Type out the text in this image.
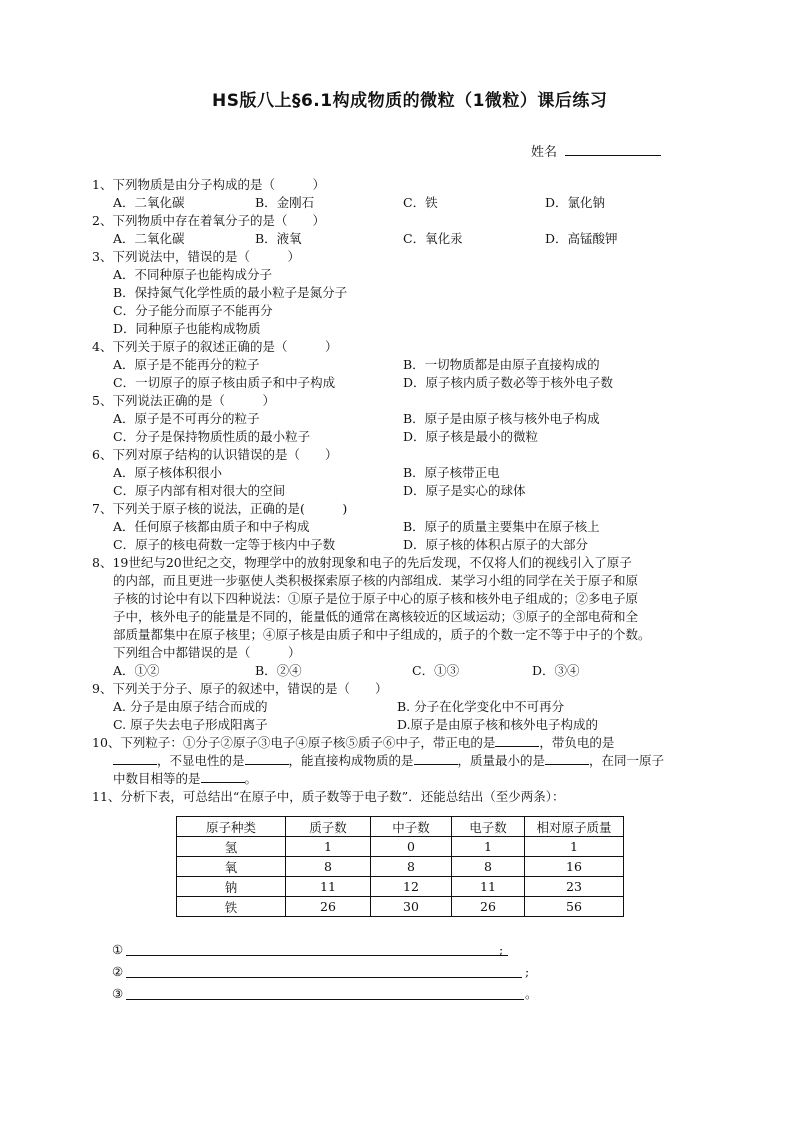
HS版八上§6.1构成物质的微粒（1微粒）课后练习
姓名
1、下列物质是由分子构成的是（　　　）
A．二氧化碳	B．金刚石	C．铁	D．氯化钠
2、下列物质中存在着氧分子的是（　　）
A．二氧化碳	B．液氧	C．氧化汞	D．高锰酸钾
3、下列说法中，错误的是（　　　）
A．不同种原子也能构成分子
B．保持氮气化学性质的最小粒子是氮分子
C．分子能分而原子不能再分
D．同种原子也能构成物质
4、下列关于原子的叙述正确的是（　　　）
A．原子是不能再分的粒子	B．一切物质都是由原子直接构成的
C．一切原子的原子核由质子和中子构成	D．原子核内质子数必等于核外电子数
5、下列说法正确的是（　　　）
A．原子是不可再分的粒子	B．原子是由原子核与核外电子构成
C．分子是保持物质性质的最小粒子	D．原子核是最小的微粒
6、下列对原子结构的认识错误的是（　　）
A．原子核体积很小	B．原子核带正电
C．原子内部有相对很大的空间	D．原子是实心的球体
7、下列关于原子核的说法，正确的是(　　　)
A．任何原子核都由质子和中子构成	B．原子的质量主要集中在原子核上
C．原子的核电荷数一定等于核内中子数	D．原子核的体积占原子的大部分
8、19世纪与20世纪之交，物理学中的放射现象和电子的先后发现，不仅将人们的视线引入了原子
的内部，而且更进一步驱使人类积极探索原子核的内部组成．某学习小组的同学在关于原子和原
子核的讨论中有以下四种说法：①原子是位于原子中心的原子核和核外电子组成的；②多电子原
子中，核外电子的能量是不同的，能量低的通常在离核较近的区域运动；③原子的全部电荷和全
部质量都集中在原子核里；④原子核是由质子和中子组成的，质子的个数一定不等于中子的个数。
下列组合中都错误的是（　　　）
A．①②	B．②④	C．①③	D．③④
9、下列关于分子、原子的叙述中，错误的是（　　）
A. 分子是由原子结合而成的	B. 分子在化学变化中不可再分
C. 原子失去电子形成阳离子	D.原子是由原子核和核外电子构成的
10、下列粒子：①分子②原子③电子④原子核⑤质子⑥中子，带正电的是	，带负电的是
，不显电性的是	，能直接构成物质的是	，质量最小的是	，在同一原子
中数目相等的是	。
11、分析下表，可总结出“在原子中，质子数等于电子数”．还能总结出（至少两条）：
原子种类	质子数	中子数	电子数	相对原子质量
氢	1	0	1	1
氧	8	8	8	16
钠	11	12	11	23
铁	26	30	26	56
①	;
②	;
③	。
